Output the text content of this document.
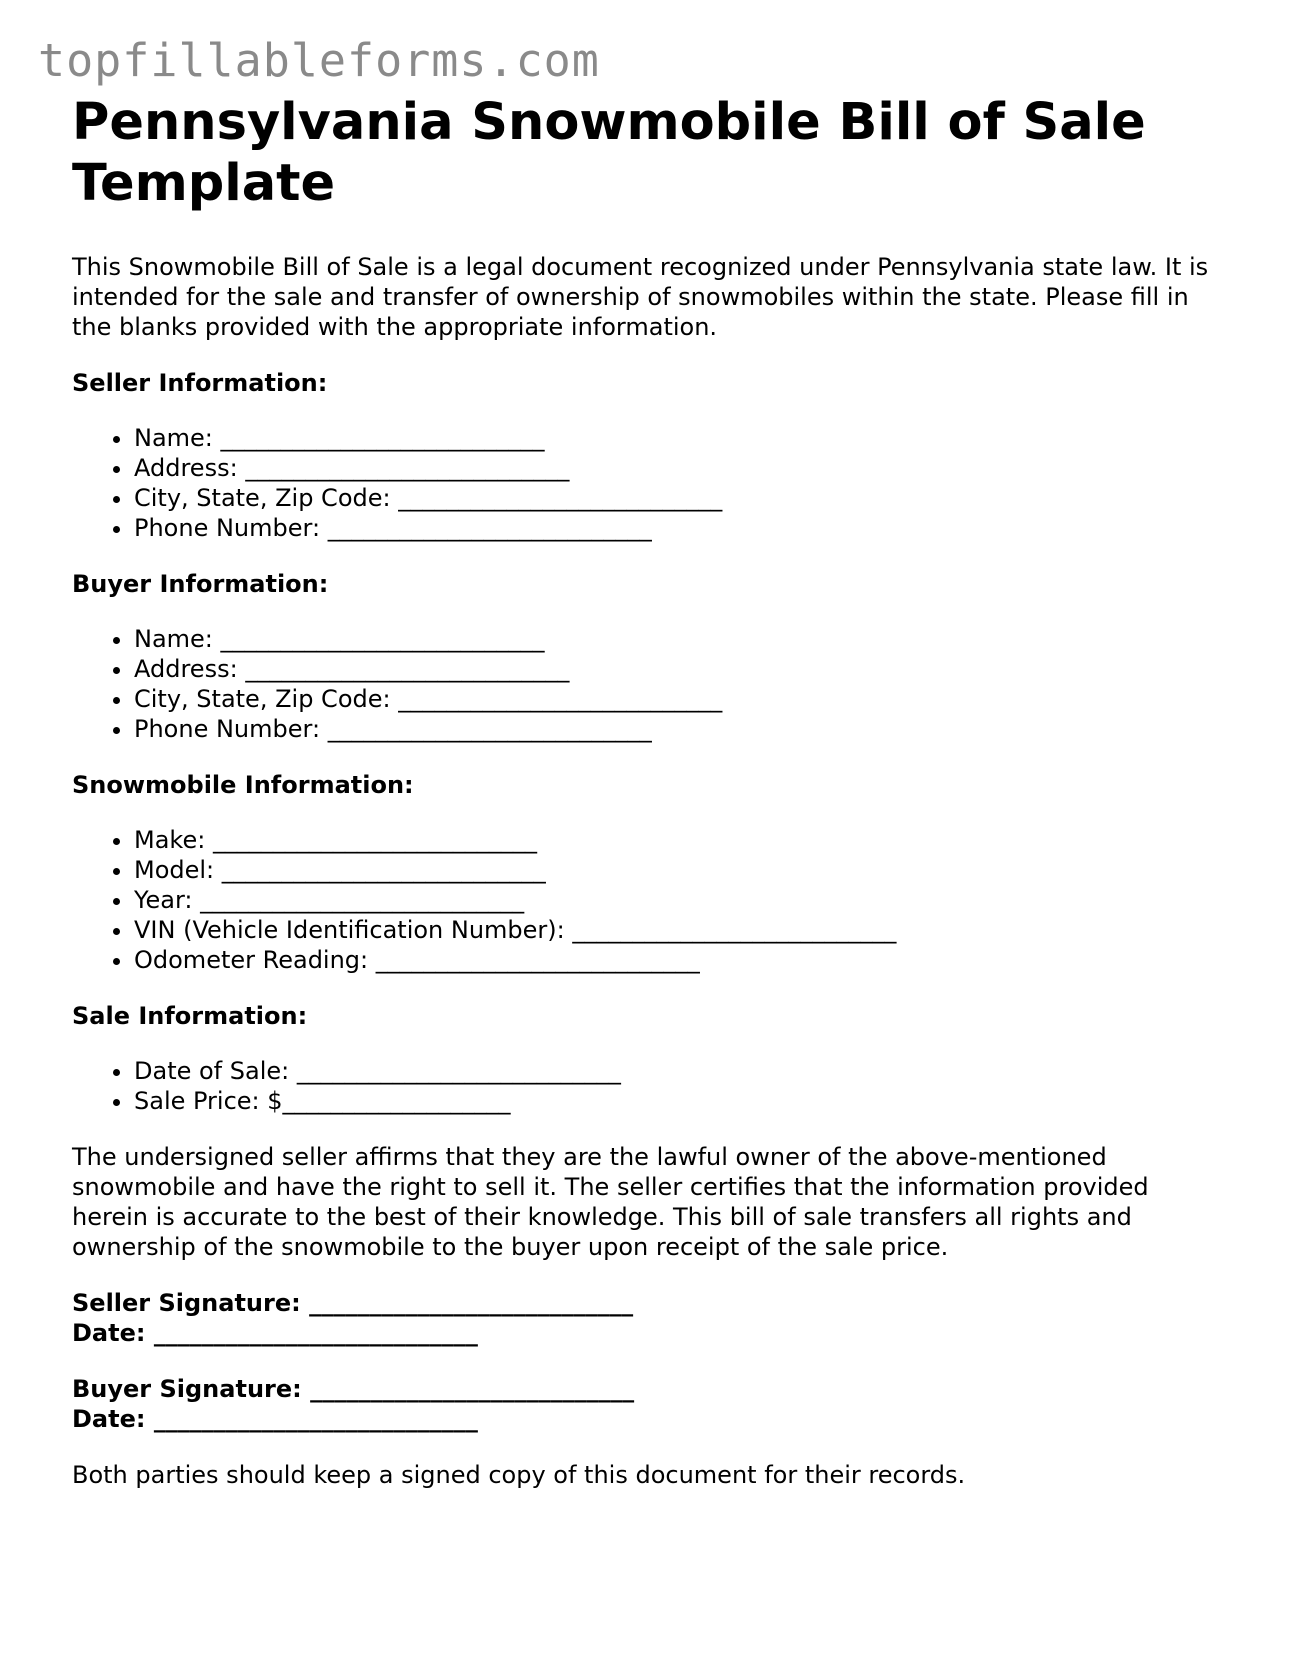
topfillableforms.com
Pennsylvania Snowmobile Bill of Sale Template

This Snowmobile Bill of Sale is a legal document recognized under Pennsylvania state law. It is intended for the sale and transfer of ownership of snowmobiles within the state. Please fill in the blanks provided with the appropriate information.

Seller Information:

• Name: ___________________________
• Address: ___________________________
• City, State, Zip Code: ___________________________
• Phone Number: ___________________________

Buyer Information:

• Name: ___________________________
• Address: ___________________________
• City, State, Zip Code: ___________________________
• Phone Number: ___________________________

Snowmobile Information:

• Make: ___________________________
• Model: ___________________________
• Year: ___________________________
• VIN (Vehicle Identification Number): ___________________________
• Odometer Reading: ___________________________

Sale Information:

• Date of Sale: ___________________________
• Sale Price: $___________________

The undersigned seller affirms that they are the lawful owner of the above-mentioned snowmobile and have the right to sell it. The seller certifies that the information provided herein is accurate to the best of their knowledge. This bill of sale transfers all rights and ownership of the snowmobile to the buyer upon receipt of the sale price.

Seller Signature: ___________________________
Date: ___________________________
Buyer Signature: ___________________________
Date: ___________________________

Both parties should keep a signed copy of this document for their records.
